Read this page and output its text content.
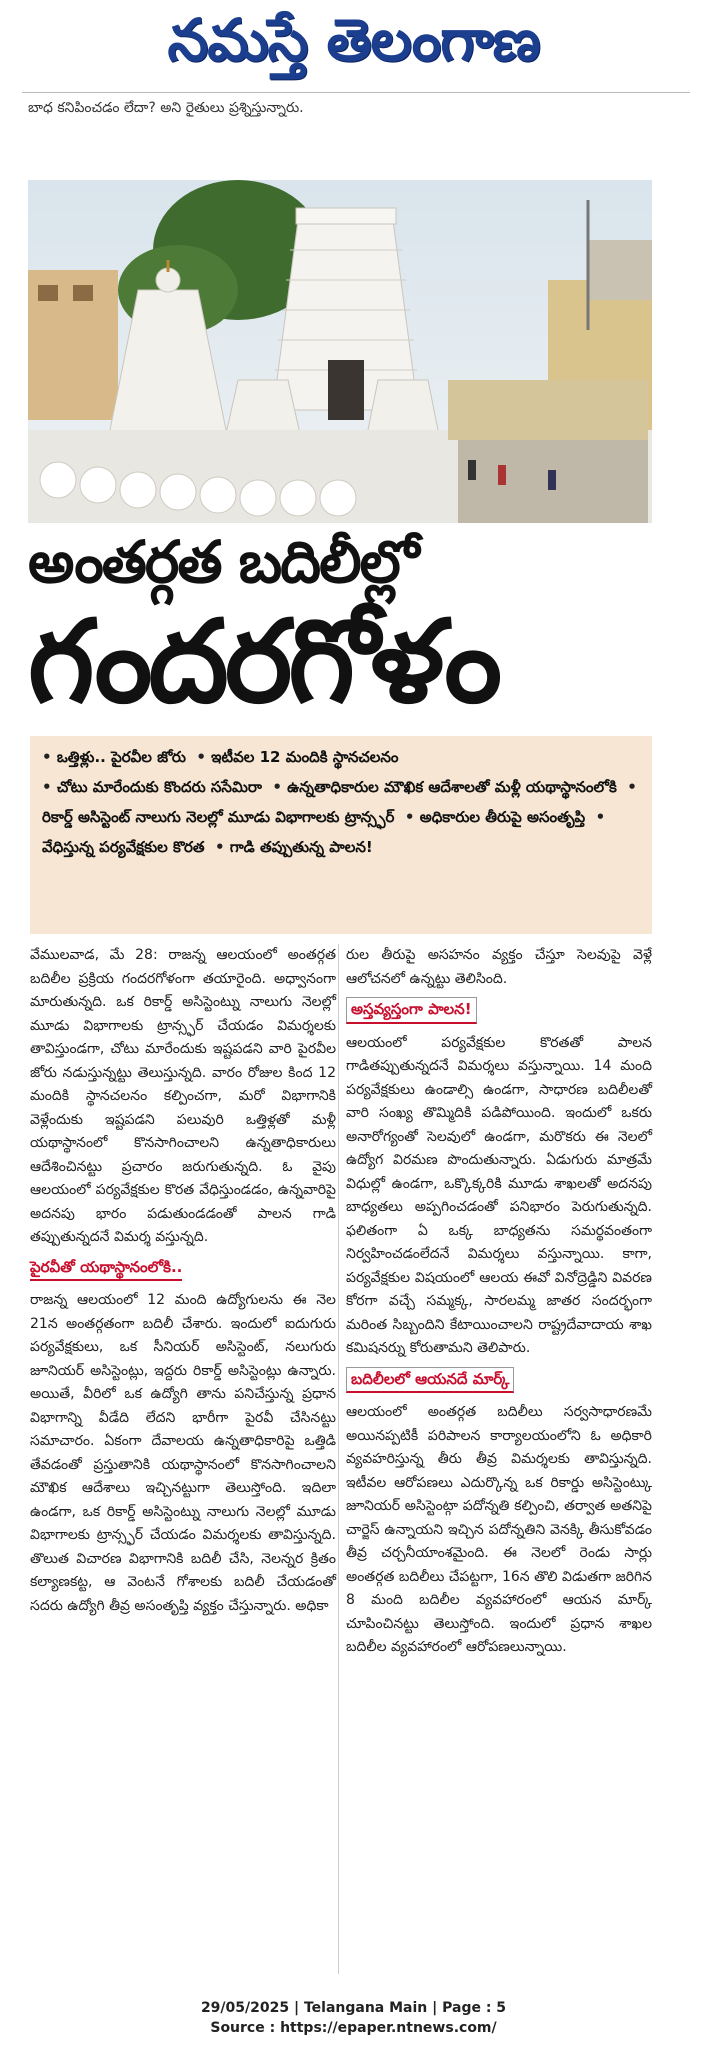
నమస్తే తెలంగాణ
బాధ కనిపించడం లేదా? అని రైతులు ప్రశ్నిస్తున్నారు.
అంతర్గత బదిలీల్లో
గందరగోళం
• ఒత్తిళ్లు.. పైరవీల జోరు • ఇటీవల 12 మందికి స్థానచలనం
• చోటు మారేందుకు కొందరు ససేమిరా • ఉన్నతాధికారుల మౌఖిక ఆదేశాలతో మళ్లీ యథాస్థానంలోకి  • రికార్డ్ అసిస్టెంట్ నాలుగు నెలల్లో మూడు విభాగాలకు ట్రాన్స్ఫర్ • అధికారుల తీరుపై అసంతృప్తి  • వేధిస్తున్న పర్యవేక్షకుల కొరత • గాడి తప్పుతున్న పాలన!

వేములవాడ, మే 28: రాజన్న ఆలయంలో అంతర్గత బదిలీల ప్రక్రియ గందరగోళంగా తయారైంది. అధ్వానంగా మారుతున్నది. ఒక రికార్డ్ అసిస్టెంట్ను నాలుగు నెలల్లో మూడు విభాగాలకు ట్రాన్స్ఫర్ చేయడం విమర్శలకు తావిస్తుండగా, చోటు మారేందుకు ఇష్టపడని వారి పైరవీల జోరు నడుస్తున్నట్టు తెలుస్తున్నది. వారం రోజుల కింద 12 మందికి స్థానచలనం కల్పించగా, మరో విభాగానికి వెళ్లేందుకు ఇష్టపడని పలువురి ఒత్తిళ్లతో మళ్లీ యథాస్థానంలో కొనసాగించాలని ఉన్నతాధికారులు ఆదేశించినట్టు ప్రచారం జరుగుతున్నది. ఓ వైపు ఆలయంలో పర్యవేక్షకుల కొరత వేధిస్తుండడం, ఉన్నవారిపై అదనపు భారం పడుతుండడంతో పాలన గాడి తప్పుతున్నదనే విమర్శ వస్తున్నది.

పైరవీతో యథాస్థానంలోకి..

రాజన్న ఆలయంలో 12 మంది ఉద్యోగులను ఈ నెల 21న అంతర్గతంగా బదిలీ చేశారు. ఇందులో ఐదుగురు పర్యవేక్షకులు, ఒక సీనియర్ అసిస్టెంట్, నలుగురు జూనియర్ అసిస్టెంట్లు, ఇద్దరు రికార్డ్ అసిస్టెంట్లు ఉన్నారు. అయితే, వీరిలో ఒక ఉద్యోగి తాను పనిచేస్తున్న ప్రధాన విభాగాన్ని వీడేది లేదని భారీగా పైరవీ చేసినట్టు సమాచారం. ఏకంగా దేవాలయ ఉన్నతాధికారిపై ఒత్తిడి తేవడంతో ప్రస్తుతానికి యథాస్థానంలో కొనసాగించాలని మౌఖిక ఆదేశాలు ఇచ్చినట్టుగా తెలుస్తోంది. ఇదిలా ఉండగా, ఒక రికార్డ్ అసిస్టెంట్ను నాలుగు నెలల్లో మూడు విభాగాలకు ట్రాన్స్ఫర్ చేయడం విమర్శలకు తావిస్తున్నది. తొలుత విచారణ విభాగానికి బదిలీ చేసి, నెలన్నర క్రితం కల్యాణకట్ట, ఆ వెంటనే గోశాలకు బదిలీ చేయడంతో సదరు ఉద్యోగి తీవ్ర అసంతృప్తి వ్యక్తం చేస్తున్నారు. అధికా

రుల తీరుపై అసహనం వ్యక్తం చేస్తూ సెలవుపై వెళ్లే ఆలోచనలో ఉన్నట్టు తెలిసింది.

అస్తవ్యస్తంగా పాలన!

ఆలయంలో పర్యవేక్షకుల కొరతతో పాలన గాడితప్పుతున్నదనే విమర్శలు వస్తున్నాయి. 14 మంది పర్యవేక్షకులు ఉండాల్సి ఉండగా, సాధారణ బదిలీలతో వారి సంఖ్య తొమ్మిదికి పడిపోయింది. ఇందులో ఒకరు అనారోగ్యంతో సెలవులో ఉండగా, మరొకరు ఈ నెలలో ఉద్యోగ విరమణ పొందుతున్నారు. ఏడుగురు మాత్రమే విధుల్లో ఉండగా, ఒక్కొక్కరికి మూడు శాఖలతో అదనపు బాధ్యతలు అప్పగించడంతో పనిభారం పెరుగుతున్నది. ఫలితంగా ఏ ఒక్క బాధ్యతను సమర్థవంతంగా నిర్వహించడంలేదనే విమర్శలు వస్తున్నాయి. కాగా, పర్యవేక్షకుల విషయంలో ఆలయ ఈవో వినోద్రెడ్డిని వివరణ కోరగా వచ్చే సమ్మక్క, సారలమ్మ జాతర సందర్భంగా మరింత సిబ్బందిని కేటాయించాలని రాష్ట్రదేవాదాయ శాఖ కమిషనర్ను కోరుతామని తెలిపారు.

బదిలీలలో ఆయనదే మార్క్

ఆలయంలో అంతర్గత బదిలీలు సర్వసాధారణమే అయినప్పటికీ పరిపాలన కార్యాలయంలోని ఓ అధికారి వ్యవహరిస్తున్న తీరు తీవ్ర విమర్శలకు తావిస్తున్నది. ఇటీవల ఆరోపణలు ఎదుర్కొన్న ఒక రికార్డు అసిస్టెంట్కు జూనియర్ అసిస్టెంట్గా పదోన్నతి కల్పించి, తర్వాత అతనిపై చార్జెస్ ఉన్నాయని ఇచ్చిన పదోన్నతిని వెనక్కి తీసుకోవడం తీవ్ర చర్చనీయాంశమైంది. ఈ నెలలో రెండు సార్లు అంతర్గత బదిలీలు చేపట్టగా, 16న తొలి విడుతగా జరిగిన 8 మంది బదిలీల వ్యవహారంలో ఆయన మార్క్ చూపించినట్టు తెలుస్తోంది. ఇందులో ప్రధాన శాఖల బదిలీల వ్యవహారంలో ఆరోపణలున్నాయి.

29/05/2025 | Telangana Main | Page : 5
Source : https://epaper.ntnews.com/
